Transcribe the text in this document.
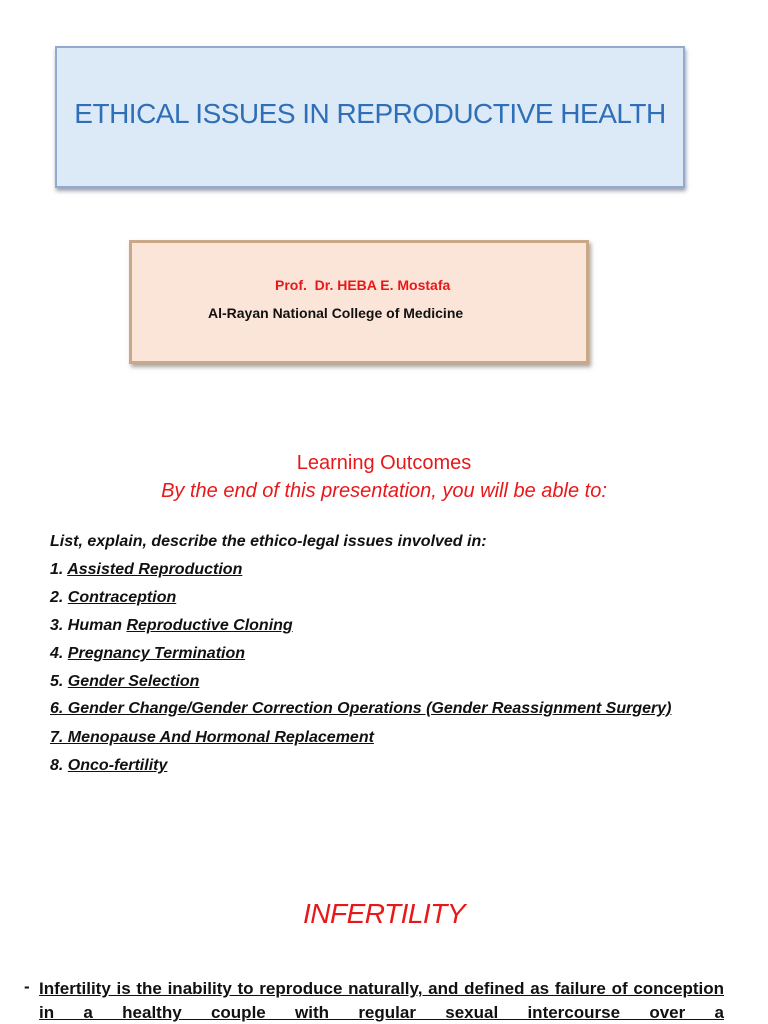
ETHICAL ISSUES IN REPRODUCTIVE HEALTH
Prof.  Dr. HEBA E. Mostafa
Al-Rayan National College of Medicine
Learning Outcomes
By the end of this presentation, you will be able to:
List, explain, describe the ethico-legal issues involved in:
1. Assisted Reproduction
2. Contraception
3. Human Reproductive Cloning
4. Pregnancy Termination
5. Gender Selection
6. Gender Change/Gender Correction Operations (Gender Reassignment Surgery)
7. Menopause And Hormonal Replacement
8. Onco-fertility
INFERTILITY
- Infertility is the inability to reproduce naturally, and defined as failure of conception in a healthy couple with regular sexual intercourse over a
